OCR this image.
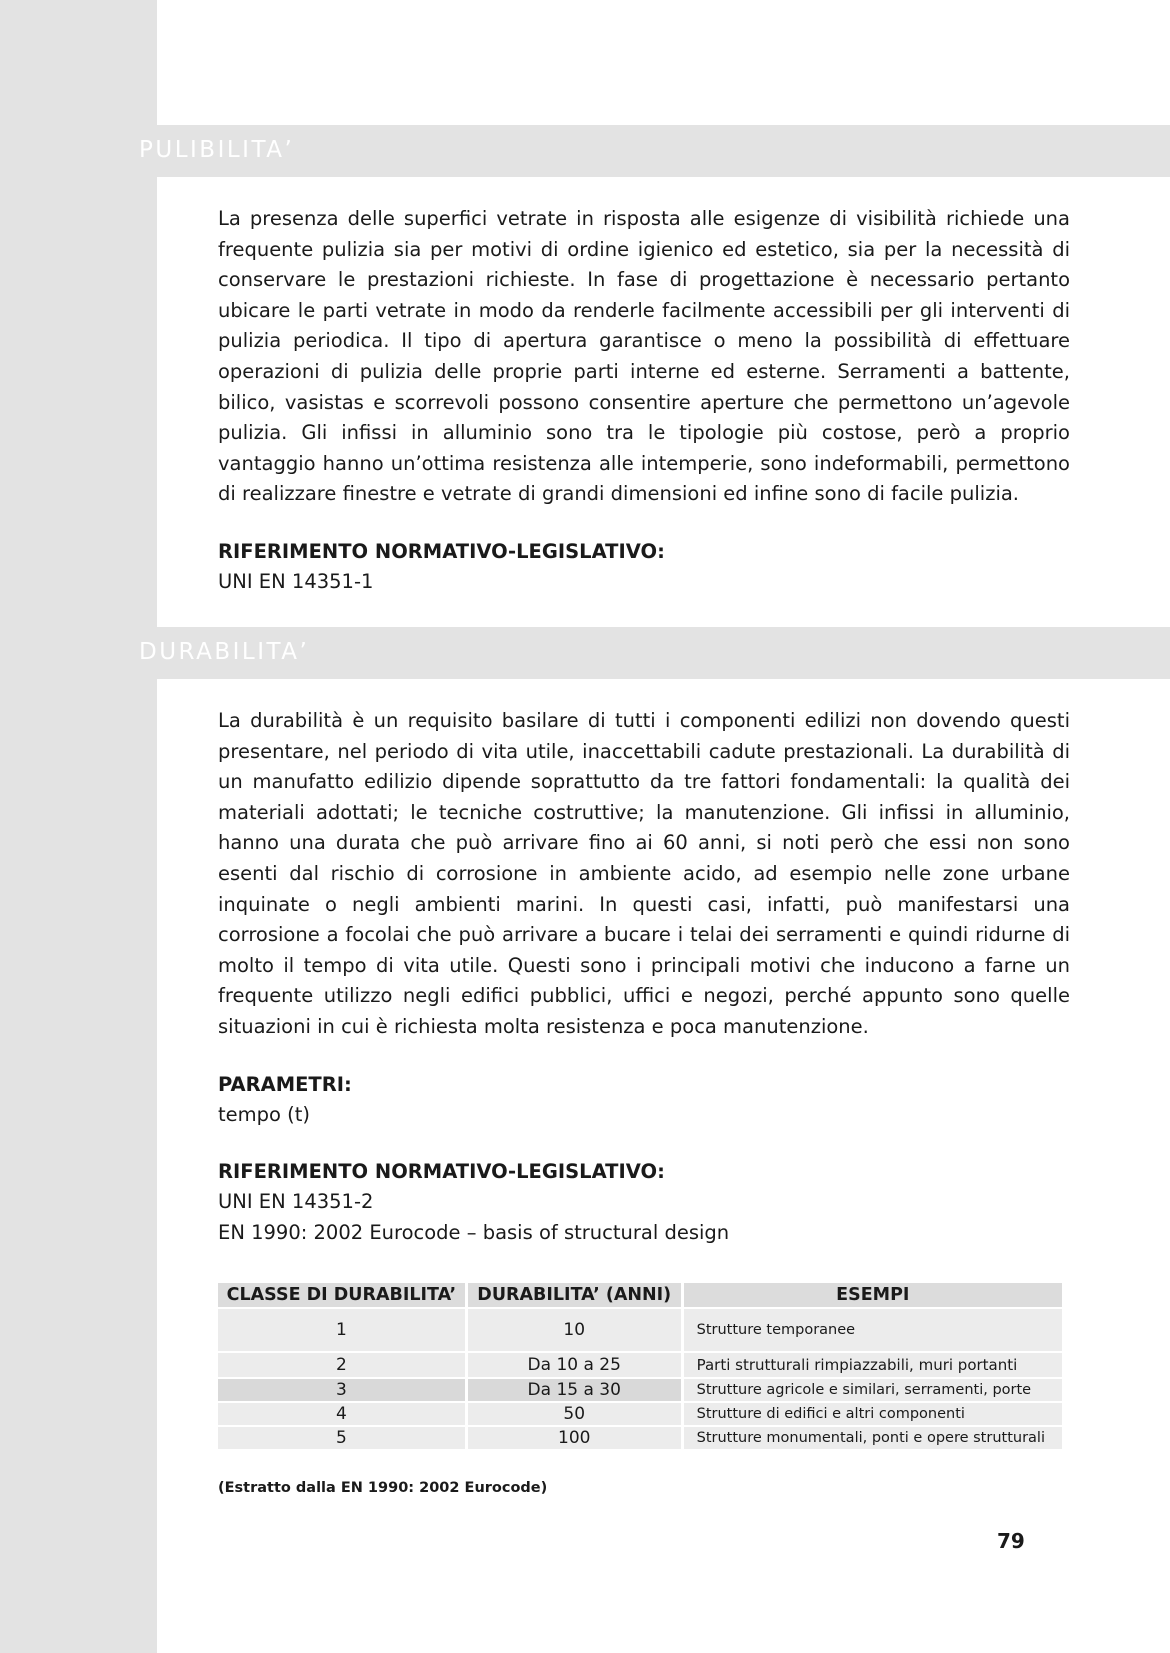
PULIBILITA’

La presenza delle superfici vetrate in risposta alle esigenze di visibilità richiede una frequente pulizia sia per motivi di ordine igienico ed estetico, sia per la necessità di conservare le prestazioni richieste. In fase di progettazione è necessario pertanto ubicare le parti vetrate in modo da renderle facilmente accessibili per gli interventi di pulizia periodica. Il tipo di apertura garantisce o meno la possibilità di effettuare operazioni di pulizia delle proprie parti interne ed esterne. Serramenti a battente, bilico, vasistas e scorrevoli possono consentire aperture che permettono un’agevole pulizia. Gli infissi in alluminio sono tra le tipologie più costose, però a proprio vantaggio hanno un’ottima resistenza alle intemperie, sono indeformabili, permettono di realizzare finestre e vetrate di grandi dimensioni ed infine sono di facile pulizia.

RIFERIMENTO NORMATIVO-LEGISLATIVO:

UNI EN 14351-1

DURABILITA’

La durabilità è un requisito basilare di tutti i componenti edilizi non dovendo questi presentare, nel periodo di vita utile, inaccettabili cadute prestazionali. La durabilità di un manufatto edilizio dipende soprattutto da tre fattori fondamentali: la qualità dei materiali adottati; le tecniche costruttive; la manutenzione. Gli infissi in alluminio, hanno una durata che può arrivare fino ai 60 anni, si noti però che essi non sono esenti dal rischio di corrosione in ambiente acido, ad esempio nelle zone urbane inquinate o negli ambienti marini. In questi casi, infatti, può manifestarsi una corrosione a focolai che può arrivare a bucare i telai dei serramenti e quindi ridurne di molto il tempo di vita utile. Questi sono i principali motivi che inducono a farne un frequente utilizzo negli edifici pubblici, uffici e negozi, perché appunto sono quelle situazioni in cui è richiesta molta resistenza e poca manutenzione.

PARAMETRI:

tempo (t)

RIFERIMENTO NORMATIVO-LEGISLATIVO:

UNI EN 14351-2

EN 1990: 2002 Eurocode – basis of structural design

CLASSE DI DURABILITA’	DURABILITA’ (ANNI)	ESEMPI
1	10	Strutture temporanee
2	Da 10 a 25	Parti strutturali rimpiazzabili, muri portanti
3	Da 15 a 30	Strutture agricole e similari, serramenti, porte
4	50	Strutture di edifici e altri componenti
5	100	Strutture monumentali, ponti e opere strutturali
(Estratto dalla EN 1990: 2002 Eurocode)
79
